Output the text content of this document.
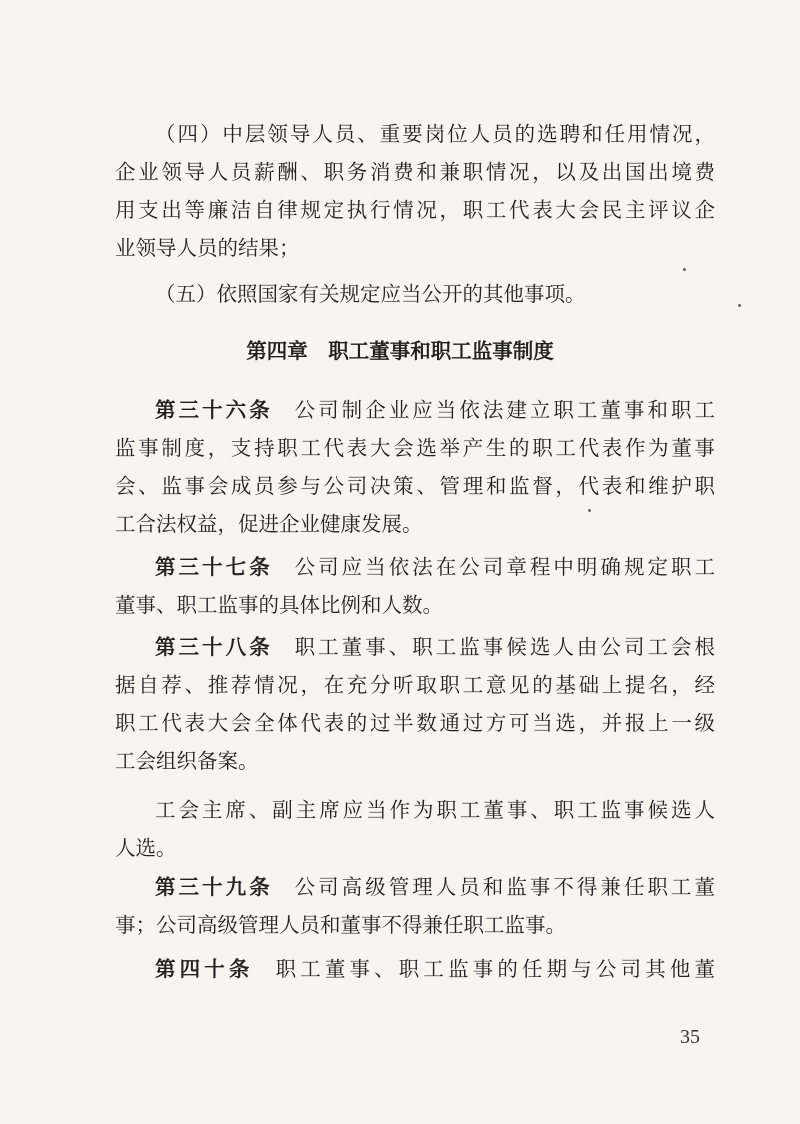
（四）中层领导人员、重要岗位人员的选聘和任用情况，
企业领导人员薪酬、职务消费和兼职情况，以及出国出境费
用支出等廉洁自律规定执行情况，职工代表大会民主评议企
业领导人员的结果；
（五）依照国家有关规定应当公开的其他事项。
第四章　职工董事和职工监事制度
第三十六条 公司制企业应当依法建立职工董事和职工
监事制度，支持职工代表大会选举产生的职工代表作为董事
会、监事会成员参与公司决策、管理和监督，代表和维护职
工合法权益，促进企业健康发展。
第三十七条 公司应当依法在公司章程中明确规定职工
董事、职工监事的具体比例和人数。
第三十八条 职工董事、职工监事候选人由公司工会根
据自荐、推荐情况，在充分听取职工意见的基础上提名，经
职工代表大会全体代表的过半数通过方可当选，并报上一级
工会组织备案。
工会主席、副主席应当作为职工董事、职工监事候选人
人选。
第三十九条 公司高级管理人员和监事不得兼任职工董
事；公司高级管理人员和董事不得兼任职工监事。
第四十条 职工董事、职工监事的任期与公司其他董
35
